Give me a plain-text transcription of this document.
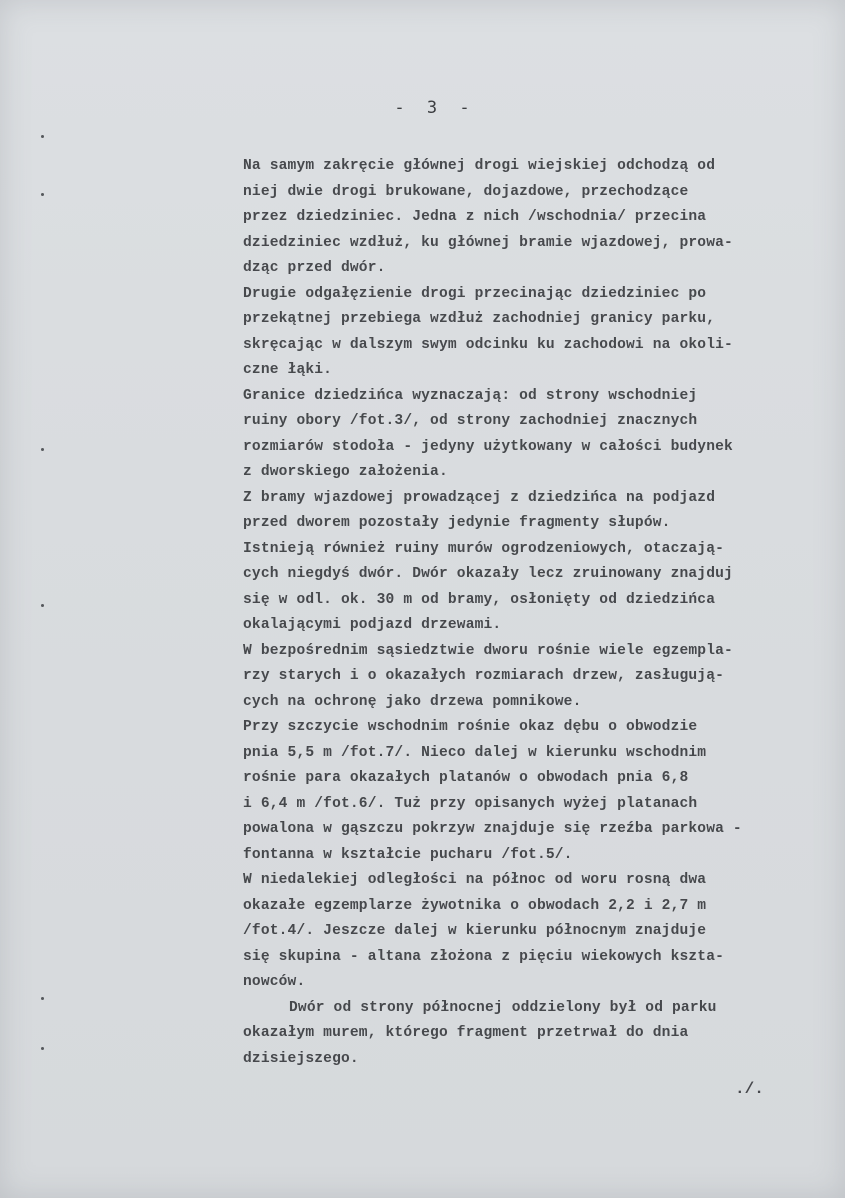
- 3 -
Na samym zakręcie głównej drogi wiejskiej odchodzą od
niej dwie drogi brukowane, dojazdowe, przechodzące
przez dziedziniec. Jedna z nich /wschodnia/ przecina
dziedziniec wzdłuż, ku głównej bramie wjazdowej, prowa-
dząc przed dwór.
Drugie odgałęzienie drogi przecinając dziedziniec po
przekątnej przebiega wzdłuż zachodniej granicy parku,
skręcając w dalszym swym odcinku ku zachodowi na okoli-
czne łąki.
Granice dziedzińca wyznaczają: od strony wschodniej
ruiny obory /fot.3/, od strony zachodniej znacznych
rozmiarów stodoła - jedyny użytkowany w całości budynek
z dworskiego założenia.
Z bramy wjazdowej prowadzącej z dziedzińca na podjazd
przed dworem pozostały jedynie fragmenty słupów.
Istnieją również ruiny murów ogrodzeniowych, otaczają-
cych niegdyś dwór. Dwór okazały lecz zruinowany znajduj
się w odl. ok. 30 m od bramy, osłonięty od dziedzińca
okalającymi podjazd drzewami.
W bezpośrednim sąsiedztwie dworu rośnie wiele egzempla-
rzy starych i o okazałych rozmiarach drzew, zasługują-
cych na ochronę jako drzewa pomnikowe.
Przy szczycie wschodnim rośnie okaz dębu o obwodzie
pnia 5,5 m /fot.7/. Nieco dalej w kierunku wschodnim
rośnie para okazałych platanów o obwodach pnia 6,8
i 6,4 m /fot.6/. Tuż przy opisanych wyżej platanach
powalona w gąszczu pokrzyw znajduje się rzeźba parkowa -
fontanna w kształcie pucharu /fot.5/.
W niedalekiej odległości na północ od woru rosną dwa
okazałe egzemplarze żywotnika o obwodach 2,2 i 2,7 m
/fot.4/. Jeszcze dalej w kierunku północnym znajduje
się skupina - altana złożona z pięciu wiekowych kszta-
nowców.
Dwór od strony północnej oddzielony był od parku
okazałym murem, którego fragment przetrwał do dnia
dzisiejszego.
./.
